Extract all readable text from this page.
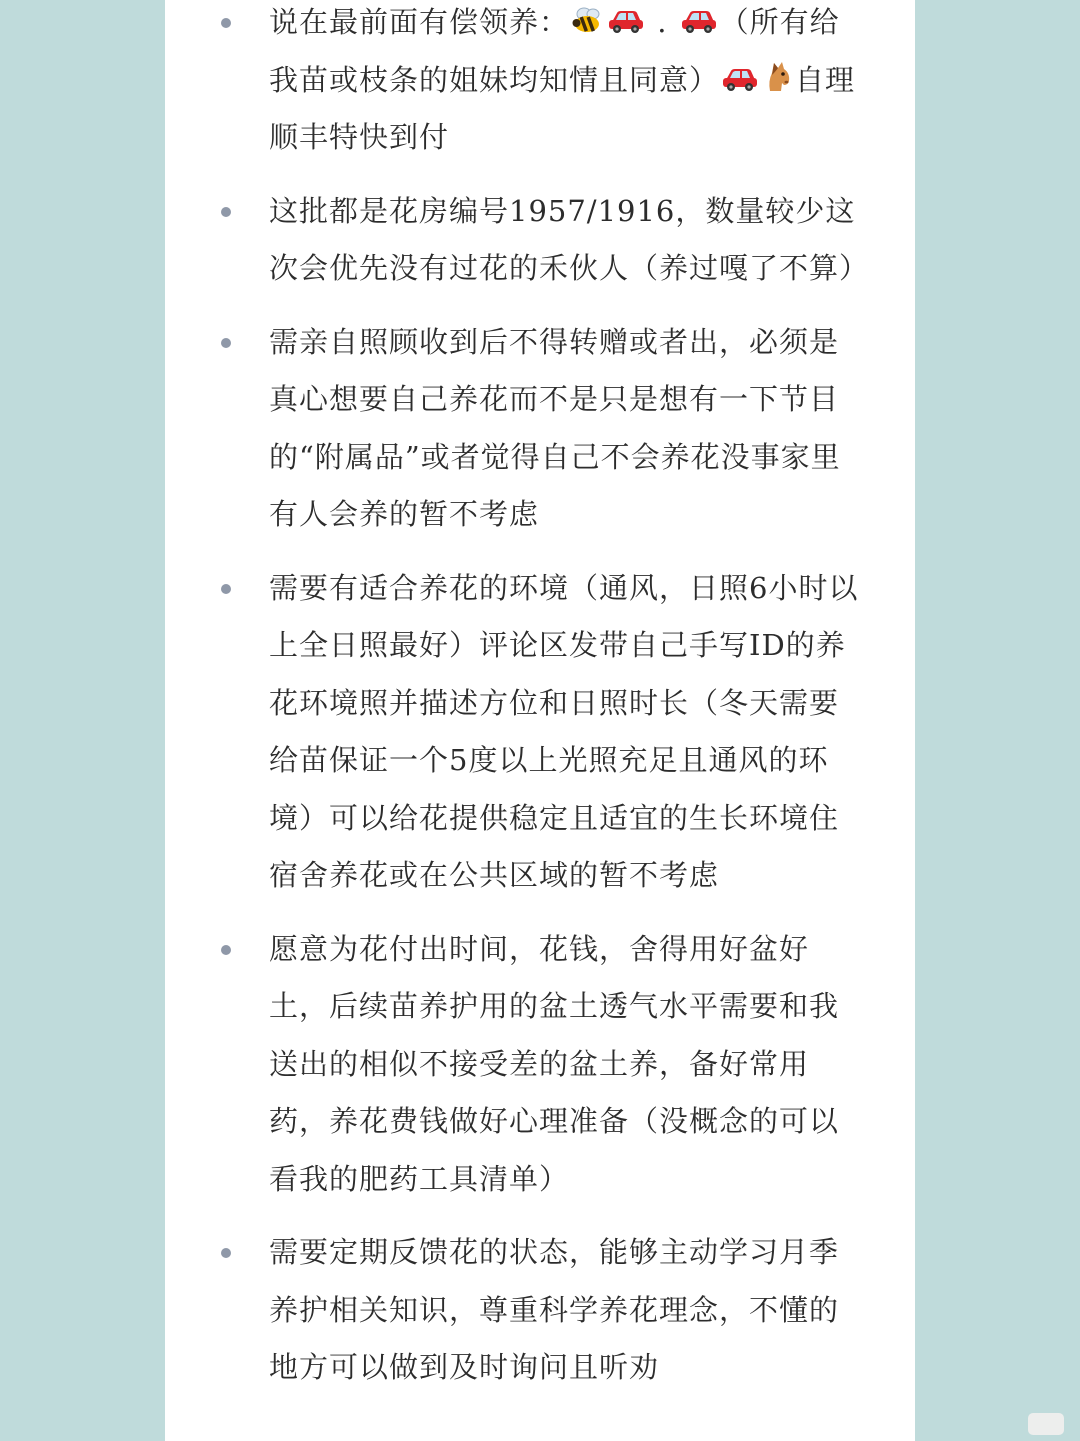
说在最前面有偿领养：	.
（所有给我苗或枝条的姐妹均知情且同意）	自理顺丰特快到付
这批都是花房编号1957/1916，数量较少这次会优先没有过花的禾伙人（养过嘎了不算）
需亲自照顾收到后不得转赠或者出，必须是真心想要自己养花而不是只是想有一下节目的“附属品”或者觉得自己不会养花没事家里有人会养的暂不考虑
需要有适合养花的环境（通风，日照6小时以上全日照最好）评论区发带自己手写ID的养花环境照并描述方位和日照时长（冬天需要给苗保证一个5度以上光照充足且通风的环境）可以给花提供稳定且适宜的生长环境住宿舍养花或在公共区域的暂不考虑
愿意为花付出时间，花钱，舍得用好盆好土，后续苗养护用的盆土透气水平需要和我送出的相似不接受差的盆土养，备好常用药，养花费钱做好心理准备（没概念的可以看我的肥药工具清单）
需要定期反馈花的状态，能够主动学习月季养护相关知识，尊重科学养花理念，不懂的地方可以做到及时询问且听劝
